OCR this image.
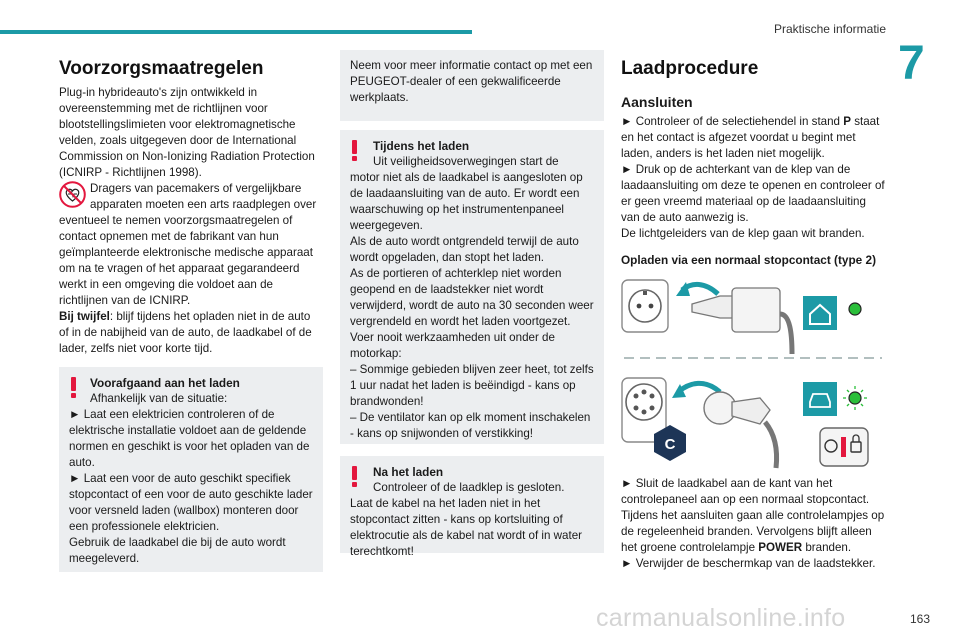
Praktische informatie
7
Voorzorgsmaatregelen

Plug-in hybrideauto's zijn ontwikkeld in overeenstemming met de richtlijnen voor blootstellingslimieten voor elektromagnetische velden, zoals uitgegeven door de International Commission on Non-Ionizing Radiation Protection (ICNIRP - Richtlijnen 1998).

Dragers van pacemakers of vergelijkbare apparaten moeten een arts raadplegen over

eventueel te nemen voorzorgsmaatregelen of contact opnemen met de fabrikant van hun geïmplanteerde elektronische medische apparaat om na te vragen of het apparaat gegarandeerd werkt in een omgeving die voldoet aan de richtlijnen van de ICNIRP.

Bij twijfel: blijf tijdens het opladen niet in de auto of in de nabijheid van de auto, de laadkabel of de lader, zelfs niet voor korte tijd.

Voorafgaand aan het laden

Afhankelijk van de situatie:

► Laat een elektricien controleren of de elektrische installatie voldoet aan de geldende normen en geschikt is voor het opladen van de auto.

► Laat een voor de auto geschikt specifiek stopcontact of een voor de auto geschikte lader voor versneld laden (wallbox) monteren door een professionele elektricien.

Gebruik de laadkabel die bij de auto wordt meegeleverd.

Neem voor meer informatie contact op met een PEUGEOT-dealer of een gekwalificeerde werkplaats.

Tijdens het laden

Uit veiligheidsoverwegingen start de

motor niet als de laadkabel is aangesloten op de laadaansluiting van de auto. Er wordt een waarschuwing op het instrumentenpaneel weergegeven.

Als de auto wordt ontgrendeld terwijl de auto wordt opgeladen, dan stopt het laden.

As de portieren of achterklep niet worden geopend en de laadstekker niet wordt verwijderd, wordt de auto na 30 seconden weer vergrendeld en wordt het laden voortgezet.

Voer nooit werkzaamheden uit onder de motorkap:

– Sommige gebieden blijven zeer heet, tot zelfs 1 uur nadat het laden is beëindigd - kans op brandwonden!

– De ventilator kan op elk moment inschakelen - kans op snijwonden of verstikking!

Na het laden

Controleer of de laadklep is gesloten.

Laat de kabel na het laden niet in het stopcontact zitten - kans op kortsluiting of elektrocutie als de kabel nat wordt of in water terechtkomt!

Laadprocedure
Aansluiten

► Controleer of de selectiehendel in stand P staat en het contact is afgezet voordat u begint met laden, anders is het laden niet mogelijk.

► Druk op de achterkant van de klep van de laadaansluiting om deze te openen en controleer of er geen vreemd materiaal op de laadaansluiting van de auto aanwezig is.

De lichtgeleiders van de klep gaan wit branden.

Opladen via een normaal stopcontact (type 2)
C

► Sluit de laadkabel aan de kant van het controlepaneel aan op een normaal stopcontact.

Tijdens het aansluiten gaan alle controlelampjes op de regeleenheid branden. Vervolgens blijft alleen het groene controlelampje POWER branden.

► Verwijder de beschermkap van de laadstekker.

carmanualsonline.info	163
